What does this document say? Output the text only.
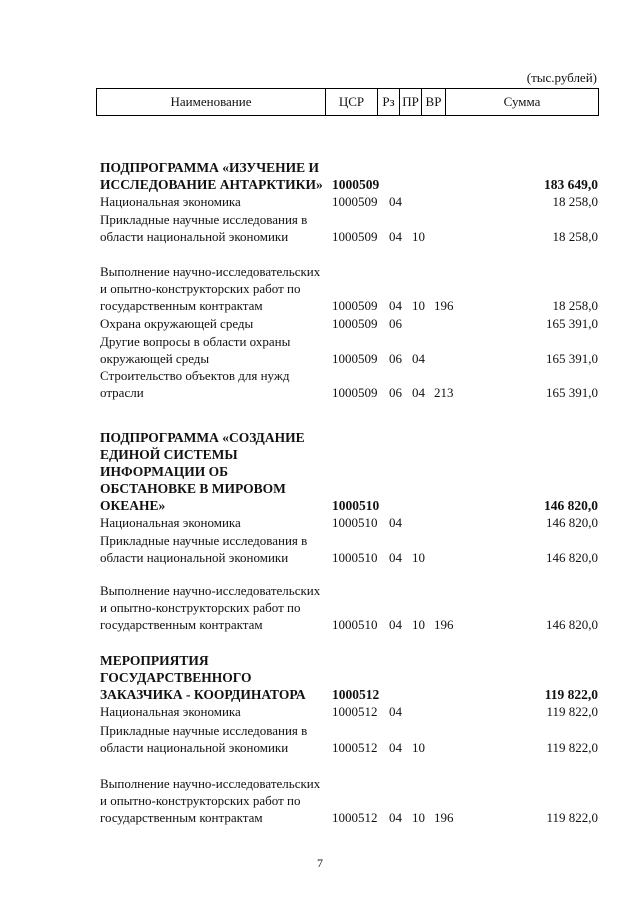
(тыс.рублей)
Наименование	ЦСР	Рз ПР ВР	Сумма
ПОДПРОГРАММА «ИЗУЧЕНИЕ И ИССЛЕДОВАНИЕ АНТАРКТИКИ» 1000509	183 649,0
Национальная экономика	1000509 04	18 258,0
Прикладные научные исследования в области национальной экономики	1000509 04 10	18 258,0
Выполнение научно-исследовательских и опытно-конструкторских работ по государственным контрактам	1000509 04 10 196	18 258,0
Охрана окружающей среды	1000509 06	165 391,0
Другие вопросы в области охраны окружающей среды	1000509 06 04	165 391,0
Строительство объектов для нужд отрасли	1000509 06 04 213	165 391,0
ПОДПРОГРАММА «СОЗДАНИЕ ЕДИНОЙ СИСТЕМЫ ИНФОРМАЦИИ ОБ ОБСТАНОВКЕ В МИРОВОМ ОКЕАНЕ»	1000510	146 820,0
Национальная экономика	1000510 04	146 820,0
Прикладные научные исследования в области национальной экономики	1000510 04 10	146 820,0
Выполнение научно-исследовательских и опытно-конструкторских работ по государственным контрактам	1000510 04 10 196	146 820,0
МЕРОПРИЯТИЯ ГОСУДАРСТВЕННОГО ЗАКАЗЧИКА - КООРДИНАТОРА	1000512	119 822,0
Национальная экономика	1000512 04	119 822,0
Прикладные научные исследования в области национальной экономики	1000512 04 10	119 822,0
Выполнение научно-исследовательских и опытно-конструкторских работ по государственным контрактам	1000512 04 10 196	119 822,0
7
